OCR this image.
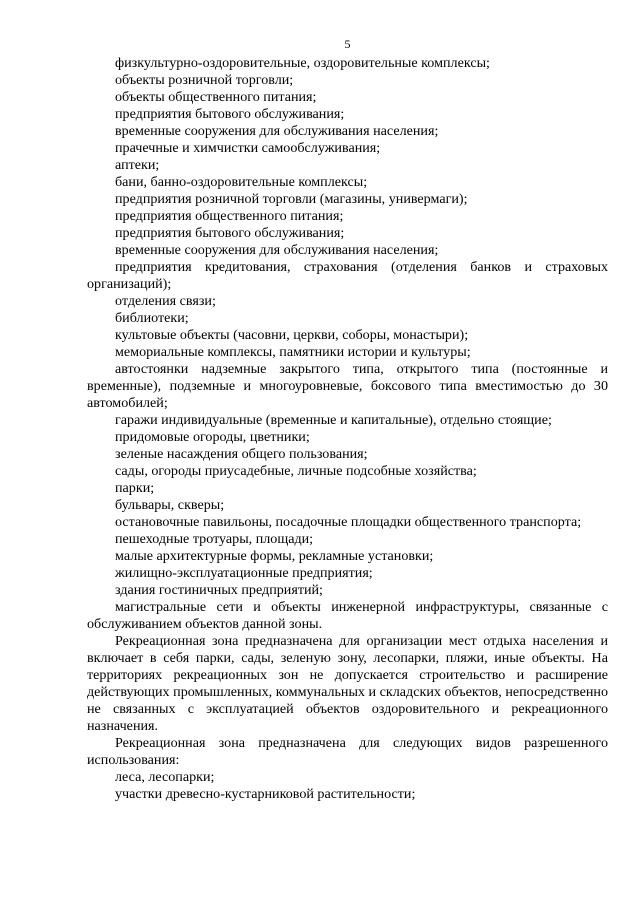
5

физкультурно-оздоровительные, оздоровительные комплексы;

объекты розничной торговли;

объекты общественного питания;

предприятия бытового обслуживания;

временные сооружения для обслуживания населения;

прачечные и химчистки самообслуживания;

аптеки;

бани, банно-оздоровительные комплексы;

предприятия розничной торговли (магазины, универмаги);

предприятия общественного питания;

предприятия бытового обслуживания;

временные сооружения для обслуживания населения;

предприятия кредитования, страхования (отделения банков и страховых организаций);

отделения связи;

библиотеки;

культовые объекты (часовни, церкви, соборы, монастыри);

мемориальные комплексы, памятники истории и культуры;

автостоянки надземные закрытого типа, открытого типа (постоянные и временные), подземные и многоуровневые, боксового типа вместимостью до 30 автомобилей;

гаражи индивидуальные (временные и капитальные), отдельно стоящие;

придомовые огороды, цветники;

зеленые насаждения общего пользования;

сады, огороды приусадебные, личные подсобные хозяйства;

парки;

бульвары, скверы;

остановочные павильоны, посадочные площадки общественного транспорта;

пешеходные тротуары, площади;

малые архитектурные формы, рекламные установки;

жилищно-эксплуатационные предприятия;

здания гостиничных предприятий;

магистральные сети и объекты инженерной инфраструктуры, связанные с обслуживанием объектов данной зоны.

Рекреационная зона предназначена для организации мест отдыха населения и включает в себя парки, сады, зеленую зону, лесопарки, пляжи, иные объекты. На территориях рекреационных зон не допускается строительство и расширение действующих промышленных, коммунальных и складских объектов, непосредственно не связанных с эксплуатацией объектов оздоровительного и рекреационного назначения.

Рекреационная зона предназначена для следующих видов разрешенного использования:

леса, лесопарки;

участки древесно-кустарниковой растительности;
